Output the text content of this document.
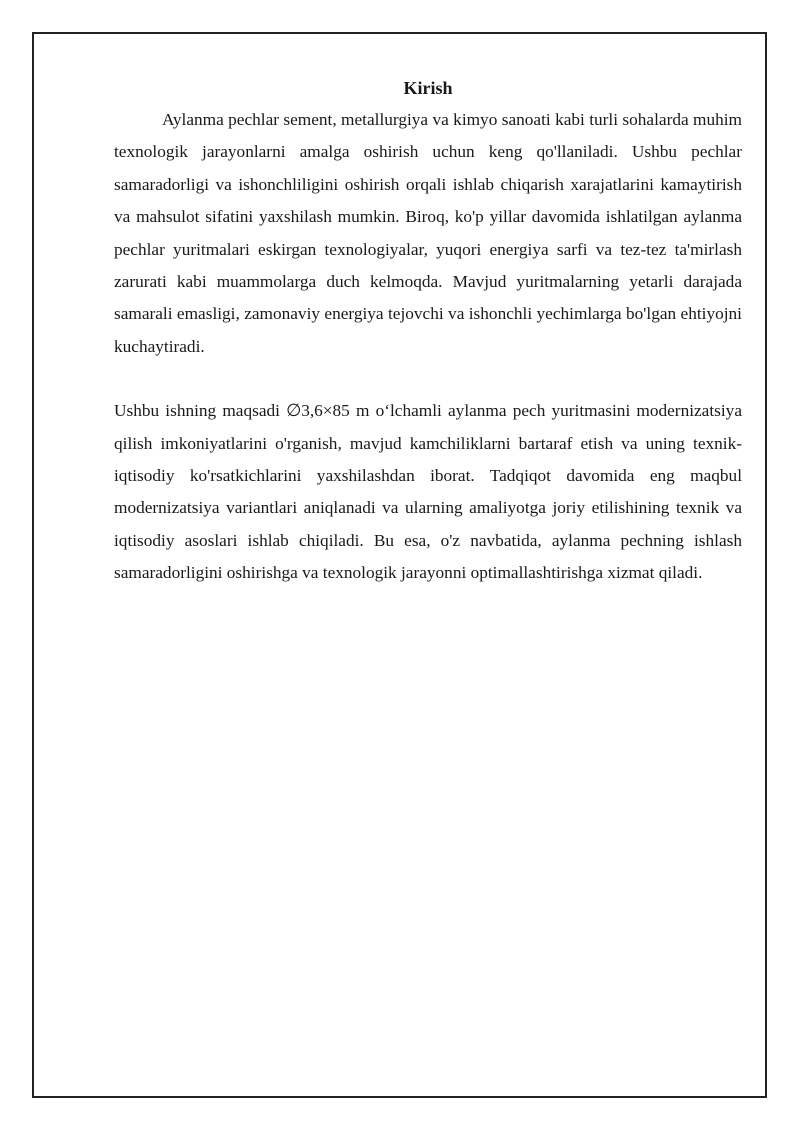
Kirish

Aylanma pechlar sement, metallurgiya va kimyo sanoati kabi turli sohalarda muhim texnologik jarayonlarni amalga oshirish uchun keng qo'llaniladi. Ushbu pechlar samaradorligi va ishonchliligini oshirish orqali ishlab chiqarish xarajatlarini kamaytirish va mahsulot sifatini yaxshilash mumkin. Biroq, ko'p yillar davomida ishlatilgan aylanma pechlar yuritmalari eskirgan texnologiyalar, yuqori energiya sarfi va tez-tez ta'mirlash zarurati kabi muammolarga duch kelmoqda. Mavjud yuritmalarning yetarli darajada samarali emasligi, zamonaviy energiya tejovchi va ishonchli yechimlarga bo'lgan ehtiyojni kuchaytiradi.

Ushbu ishning maqsadi ∅3,6×85 m o‘lchamli aylanma pech yuritmasini modernizatsiya qilish imkoniyatlarini o'rganish, mavjud kamchiliklarni bartaraf etish va uning texnik-iqtisodiy ko'rsatkichlarini yaxshilashdan iborat. Tadqiqot davomida eng maqbul modernizatsiya variantlari aniqlanadi va ularning amaliyotga joriy etilishining texnik va iqtisodiy asoslari ishlab chiqiladi. Bu esa, o'z navbatida, aylanma pechning ishlash samaradorligini oshirishga va texnologik jarayonni optimallashtirishga xizmat qiladi.
